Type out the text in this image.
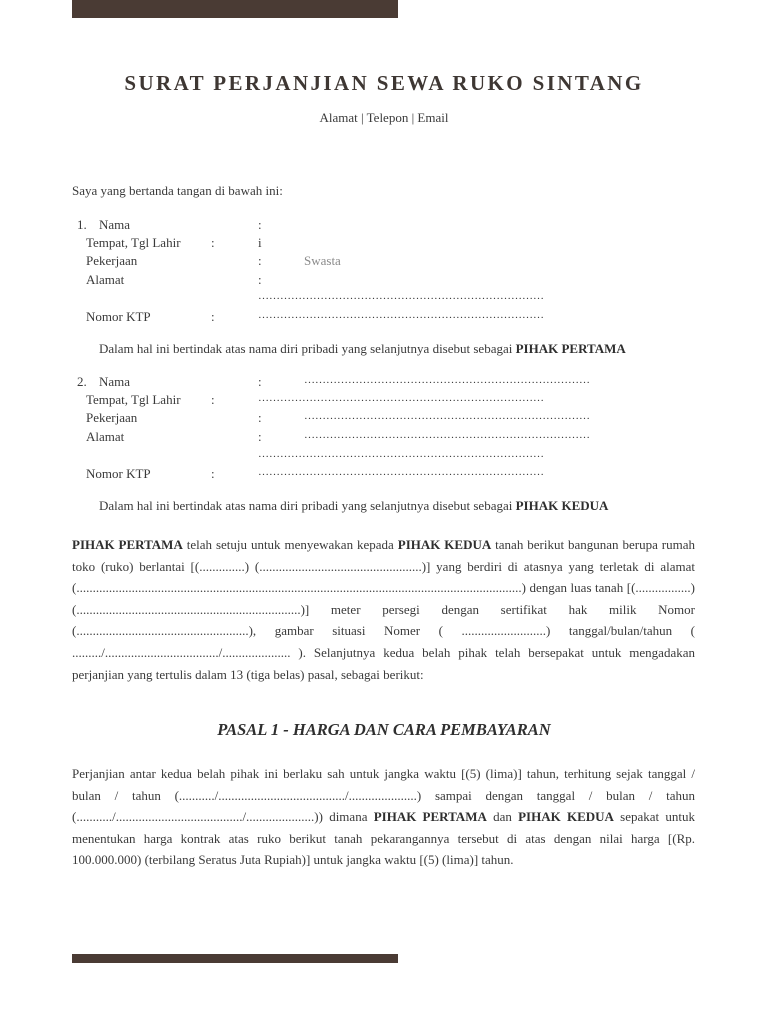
SURAT PERJANJIAN SEWA RUKO SINTANG
Alamat | Telepon | Email
Saya yang bertanda tangan di bawah ini:
1. Nama	:
Tempat, Tgl Lahir :	i
Pekerjaan	:	Swasta
Alamat	:
……………………………………………………………………
Nomor KTP	:	……………………………………………………………………
Dalam hal ini bertindak atas nama diri pribadi yang selanjutnya disebut sebagai PIHAK PERTAMA
2. Nama	:	……………………………………………………………………
Tempat, Tgl Lahir :	……………………………………………………………………
Pekerjaan	:	……………………………………………………………………
Alamat	:	……………………………………………………………………
……………………………………………………………………
Nomor KTP	:	……………………………………………………………………
Dalam hal ini bertindak atas nama diri pribadi yang selanjutnya disebut sebagai PIHAK KEDUA
PIHAK PERTAMA telah setuju untuk menyewakan kepada PIHAK KEDUA tanah berikut bangunan berupa rumah toko (ruko) berlantai [(..............) (..................................................)] yang berdiri di atasnya yang terletak di alamat (.........................................................................................................................................) dengan luas tanah [(.................) (.....................................................................)] meter persegi dengan sertifikat hak milik Nomor (.....................................................), gambar situasi Nomer ( ..........................) tanggal/bulan/tahun ( ........./.................................../..................... ). Selanjutnya kedua belah pihak telah bersepakat untuk mengadakan perjanjian yang tertulis dalam 13 (tiga belas) pasal, sebagai berikut:
PASAL 1 - HARGA DAN CARA PEMBAYARAN
Perjanjian antar kedua belah pihak ini berlaku sah untuk jangka waktu [(5) (lima)] tahun, terhitung sejak tanggal / bulan / tahun (.........../......................................./.....................) sampai dengan tanggal / bulan / tahun (.........../......................................./.....................)) dimana PIHAK PERTAMA dan PIHAK KEDUA sepakat untuk menentukan harga kontrak atas ruko berikut tanah pekarangannya tersebut di atas dengan nilai harga [(Rp. 100.000.000) (terbilang Seratus Juta Rupiah)] untuk jangka waktu [(5) (lima)] tahun.
